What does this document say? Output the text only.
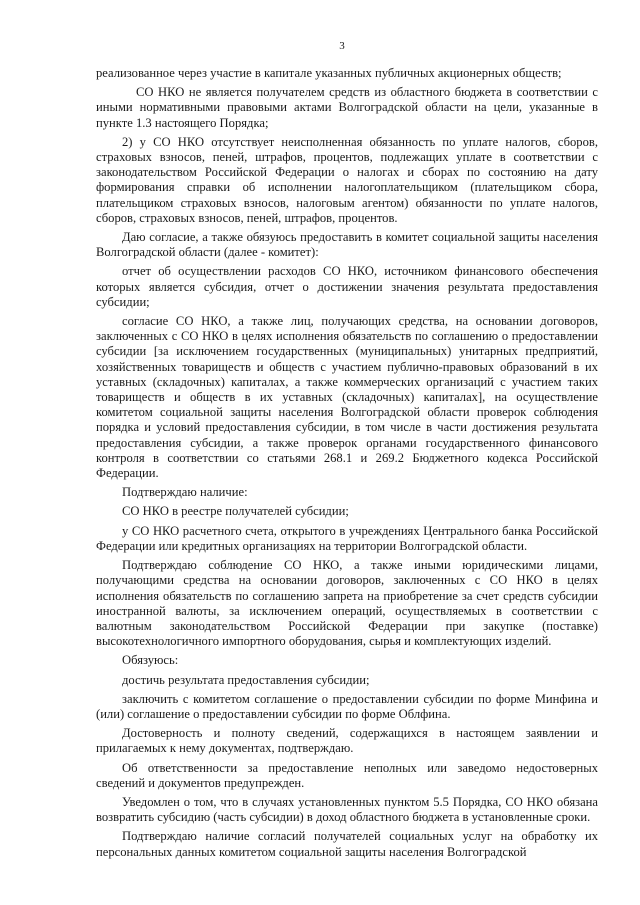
3

реализованное через участие в капитале указанных публичных акционерных обществ;

СО НКО не является получателем средств из областного бюджета в соответствии с иными нормативными правовыми актами Волгоградской области на цели, указанные в пункте 1.3 настоящего Порядка;

2) у СО НКО отсутствует неисполненная обязанность по уплате налогов, сборов, страховых взносов, пеней, штрафов, процентов, подлежащих уплате в соответствии с законодательством Российской Федерации о налогах и сборах по состоянию на дату формирования справки об исполнении налогоплательщиком (плательщиком сбора, плательщиком страховых взносов, налоговым агентом) обязанности по уплате налогов, сборов, страховых взносов, пеней, штрафов, процентов.

Даю согласие, а также обязуюсь предоставить в комитет социальной защиты населения Волгоградской области (далее - комитет):

отчет об осуществлении расходов СО НКО, источником финансового обеспечения которых является субсидия, отчет о достижении значения результата предоставления субсидии;

согласие СО НКО, а также лиц, получающих средства, на основании договоров, заключенных с СО НКО в целях исполнения обязательств по соглашению о предоставлении субсидии [за исключением государственных (муниципальных) унитарных предприятий, хозяйственных товариществ и обществ с участием публично-правовых образований в их уставных (складочных) капиталах, а также коммерческих организаций с участием таких товариществ и обществ в их уставных (складочных) капиталах], на осуществление комитетом социальной защиты населения Волгоградской области проверок соблюдения порядка и условий предоставления субсидии, в том числе в части достижения результата предоставления субсидии, а также проверок органами государственного финансового контроля в соответствии со статьями 268.1 и 269.2 Бюджетного кодекса Российской Федерации.

Подтверждаю наличие:

СО НКО в реестре получателей субсидии;

у СО НКО расчетного счета, открытого в учреждениях Центрального банка Российской Федерации или кредитных организациях на территории Волгоградской области.

Подтверждаю соблюдение СО НКО, а также иными юридическими лицами, получающими средства на основании договоров, заключенных с СО НКО в целях исполнения обязательств по соглашению запрета на приобретение за счет средств субсидии иностранной валюты, за исключением операций, осуществляемых в соответствии с валютным законодательством Российской Федерации при закупке (поставке) высокотехнологичного импортного оборудования, сырья и комплектующих изделий.

Обязуюсь:

достичь результата предоставления субсидии;

заключить с комитетом соглашение о предоставлении субсидии по форме Минфина и (или) соглашение о предоставлении субсидии по форме Облфина.

Достоверность и полноту сведений, содержащихся в настоящем заявлении и прилагаемых к нему документах, подтверждаю.

Об ответственности за предоставление неполных или заведомо недостоверных сведений и документов предупрежден.

Уведомлен о том, что в случаях установленных пунктом 5.5 Порядка, СО НКО обязана возвратить субсидию (часть субсидии) в доход областного бюджета в установленные сроки.

Подтверждаю наличие согласий получателей социальных услуг на обработку их персональных данных комитетом социальной защиты населения Волгоградской
